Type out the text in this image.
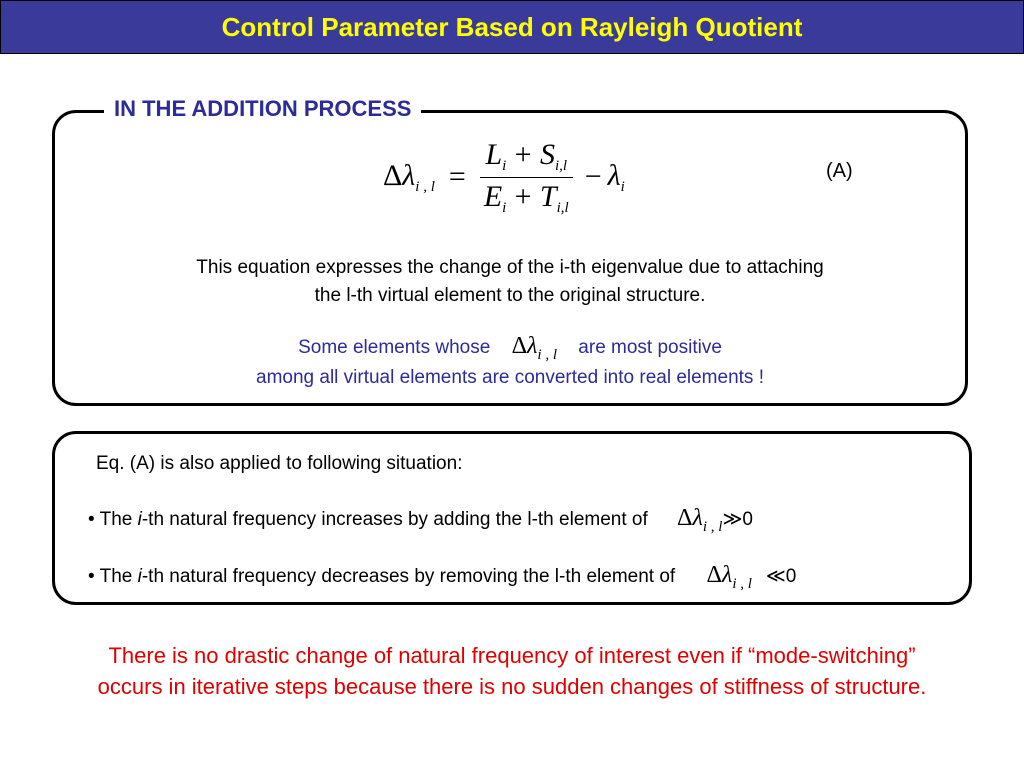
Control Parameter Based on Rayleigh Quotient
IN THE ADDITION PROCESS
$\Delta\lambda_{i , l} = \frac{L_i + S_{i,l}}{E_i + T_{i,l}} - \lambda_i$
(A)
This equation expresses the change of the i-th eigenvalue due to attaching
the l-th virtual element to the original structure.
Some elements whose $\Delta\lambda_{i , l}$ are most positive
among all virtual elements are converted into real elements !
Eq. (A) is also applied to following situation:
• The i-th natural frequency increases by adding the l-th element of $\Delta\lambda_{i , l}≫0$
• The i-th natural frequency decreases by removing the l-th element of $\Delta\lambda_{i , l}$ ≪0
There is no drastic change of natural frequency of interest even if “mode-switching”
occurs in iterative steps because there is no sudden changes of stiffness of structure.
